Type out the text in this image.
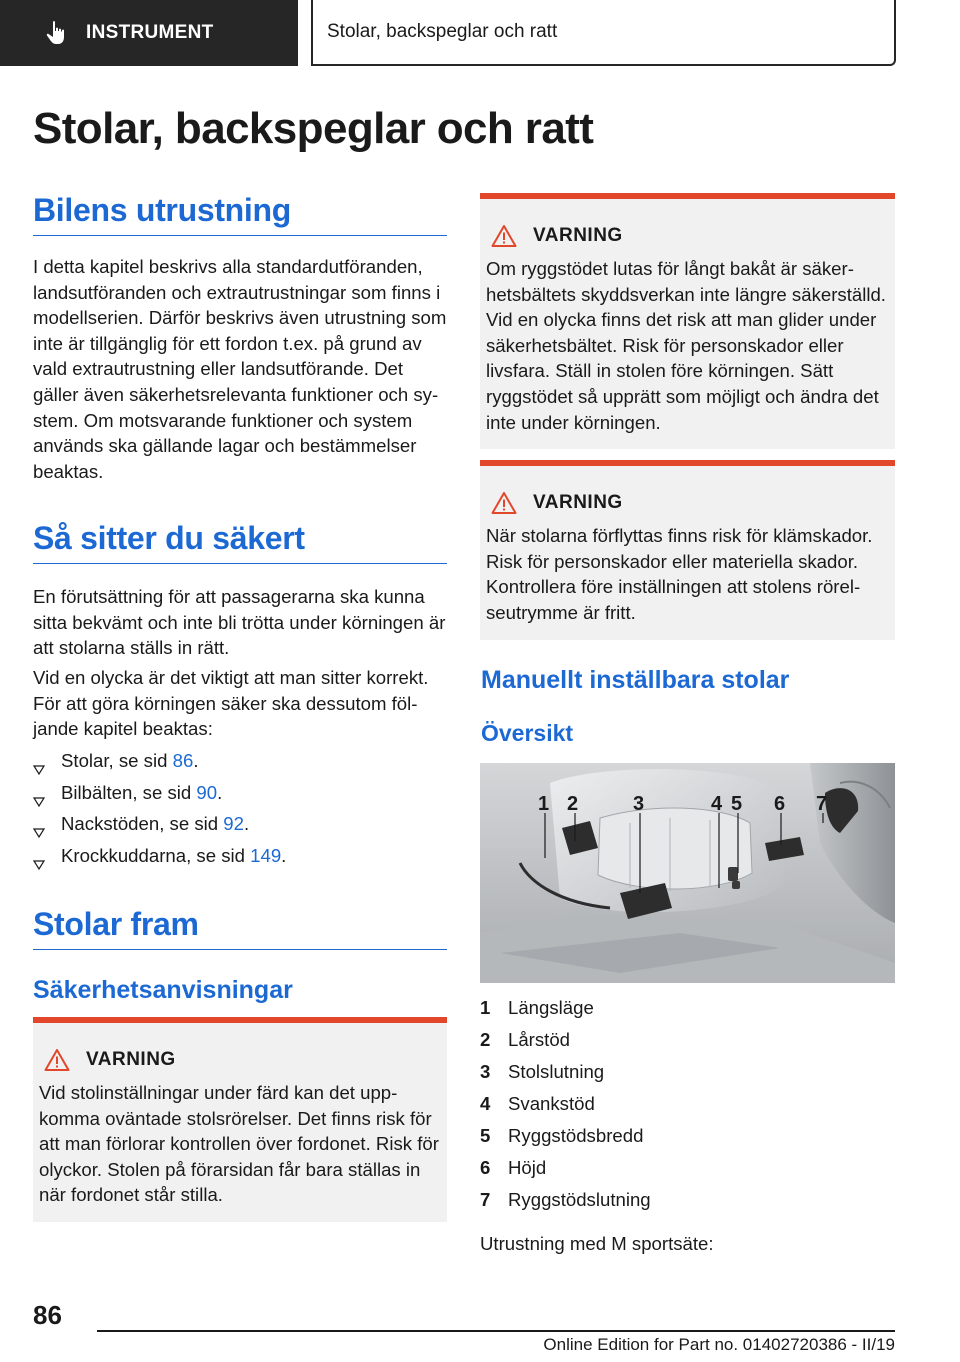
INSTRUMENT	Stolar, backspeglar och ratt
Stolar, backspeglar och ratt
Bilens utrustning

I detta kapitel beskrivs alla standardutföranden, landsutföranden och extrautrustningar som finns i modellserien. Därför beskrivs även utrustning som inte är tillgänglig för ett fordon t.ex. på grund av vald extrautrustning eller landsutförande. Det gäller även säkerhetsrelevanta funktioner och system. Om motsvarande funktioner och system används ska gällande lagar och bestämmelser beaktas.

Så sitter du säkert

En förutsättning för att passagerarna ska kunna sitta bekvämt och inte bli trötta under körningen är att stolarna ställs in rätt.

Vid en olycka är det viktigt att man sitter korrekt. För att göra körningen säker ska dessutom följande kapitel beaktas:

Stolar, se sid 86.
Bilbälten, se sid 90.
Nackstöden, se sid 92.
Krockkuddarna, se sid 149.
Stolar fram
Säkerhetsanvisningar
VARNING
Vid stolinställningar under färd kan det uppkomma oväntade stolsrörelser. Det finns risk för att man förlorar kontrollen över fordonet. Risk för olyckor. Stolen på förarsidan får bara ställas in när fordonet står stilla.
VARNING
Om ryggstödet lutas för långt bakåt är säkerhetsbältets skyddsverkan inte längre säkerställd. Vid en olycka finns det risk att man glider under säkerhetsbältet. Risk för personskador eller livsfara. Ställ in stolen före körningen. Sätt ryggstödet så upprätt som möjligt och ändra det inte under körningen.
VARNING
När stolarna förflyttas finns risk för klämskador. Risk för personskador eller materiella skador. Kontrollera före inställningen att stolens rörelseutrymme är fritt.
Manuellt inställbara stolar
Översikt
1 2	3	4 5 6 7
1 Längsläge
2 Lårstöd
3 Stolslutning
4 Svankstöd
5 Ryggstödsbredd
6 Höjd
7 Ryggstödslutning

Utrustning med M sportsäte:

86
Online Edition for Part no. 01402720386 - II/19
